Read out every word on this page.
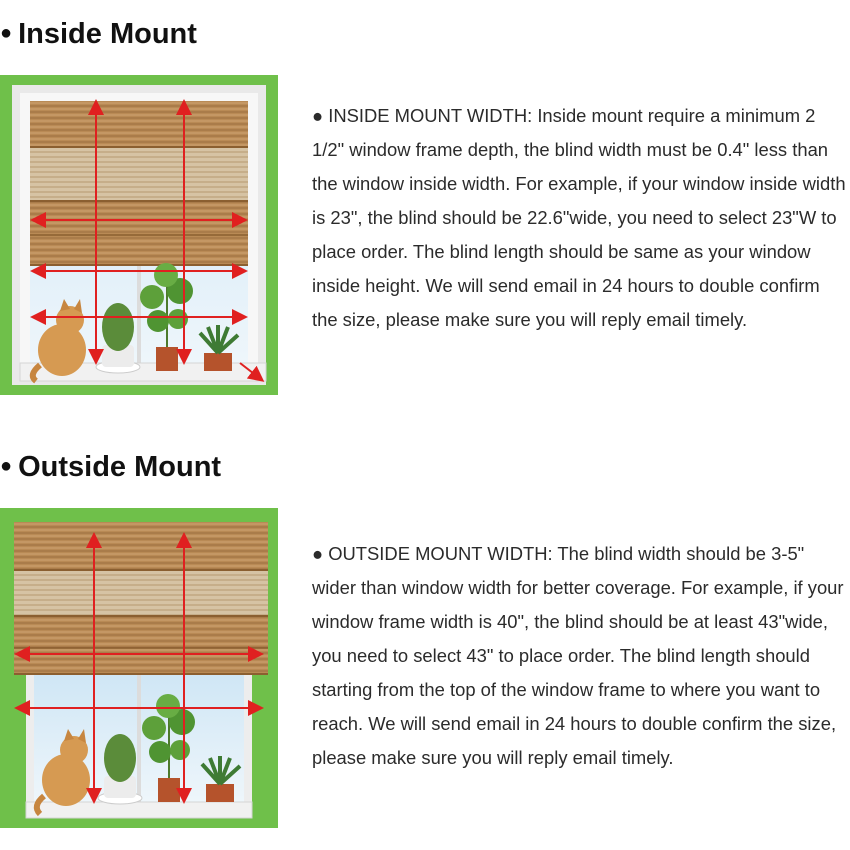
● Inside Mount
● INSIDE MOUNT WIDTH: Inside mount require a minimum 2 1/2" window frame depth, the blind width must be 0.4" less than the window inside width. For example, if your window inside width is 23", the blind should be 22.6"wide, you need to select 23"W to place order. The blind length should be same as your window inside height. We will send email in 24 hours to double confirm the size, please make sure you will reply email timely.
● Outside Mount
● OUTSIDE MOUNT WIDTH: The blind width should be 3-5" wider than window width for better coverage. For example, if your window frame width is 40", the blind should be at least 43"wide, you need to select 43" to place order. The blind length should starting from the top of the window frame to where you want to reach. We will send email in 24 hours to double confirm the size, please make sure you will reply email timely.
